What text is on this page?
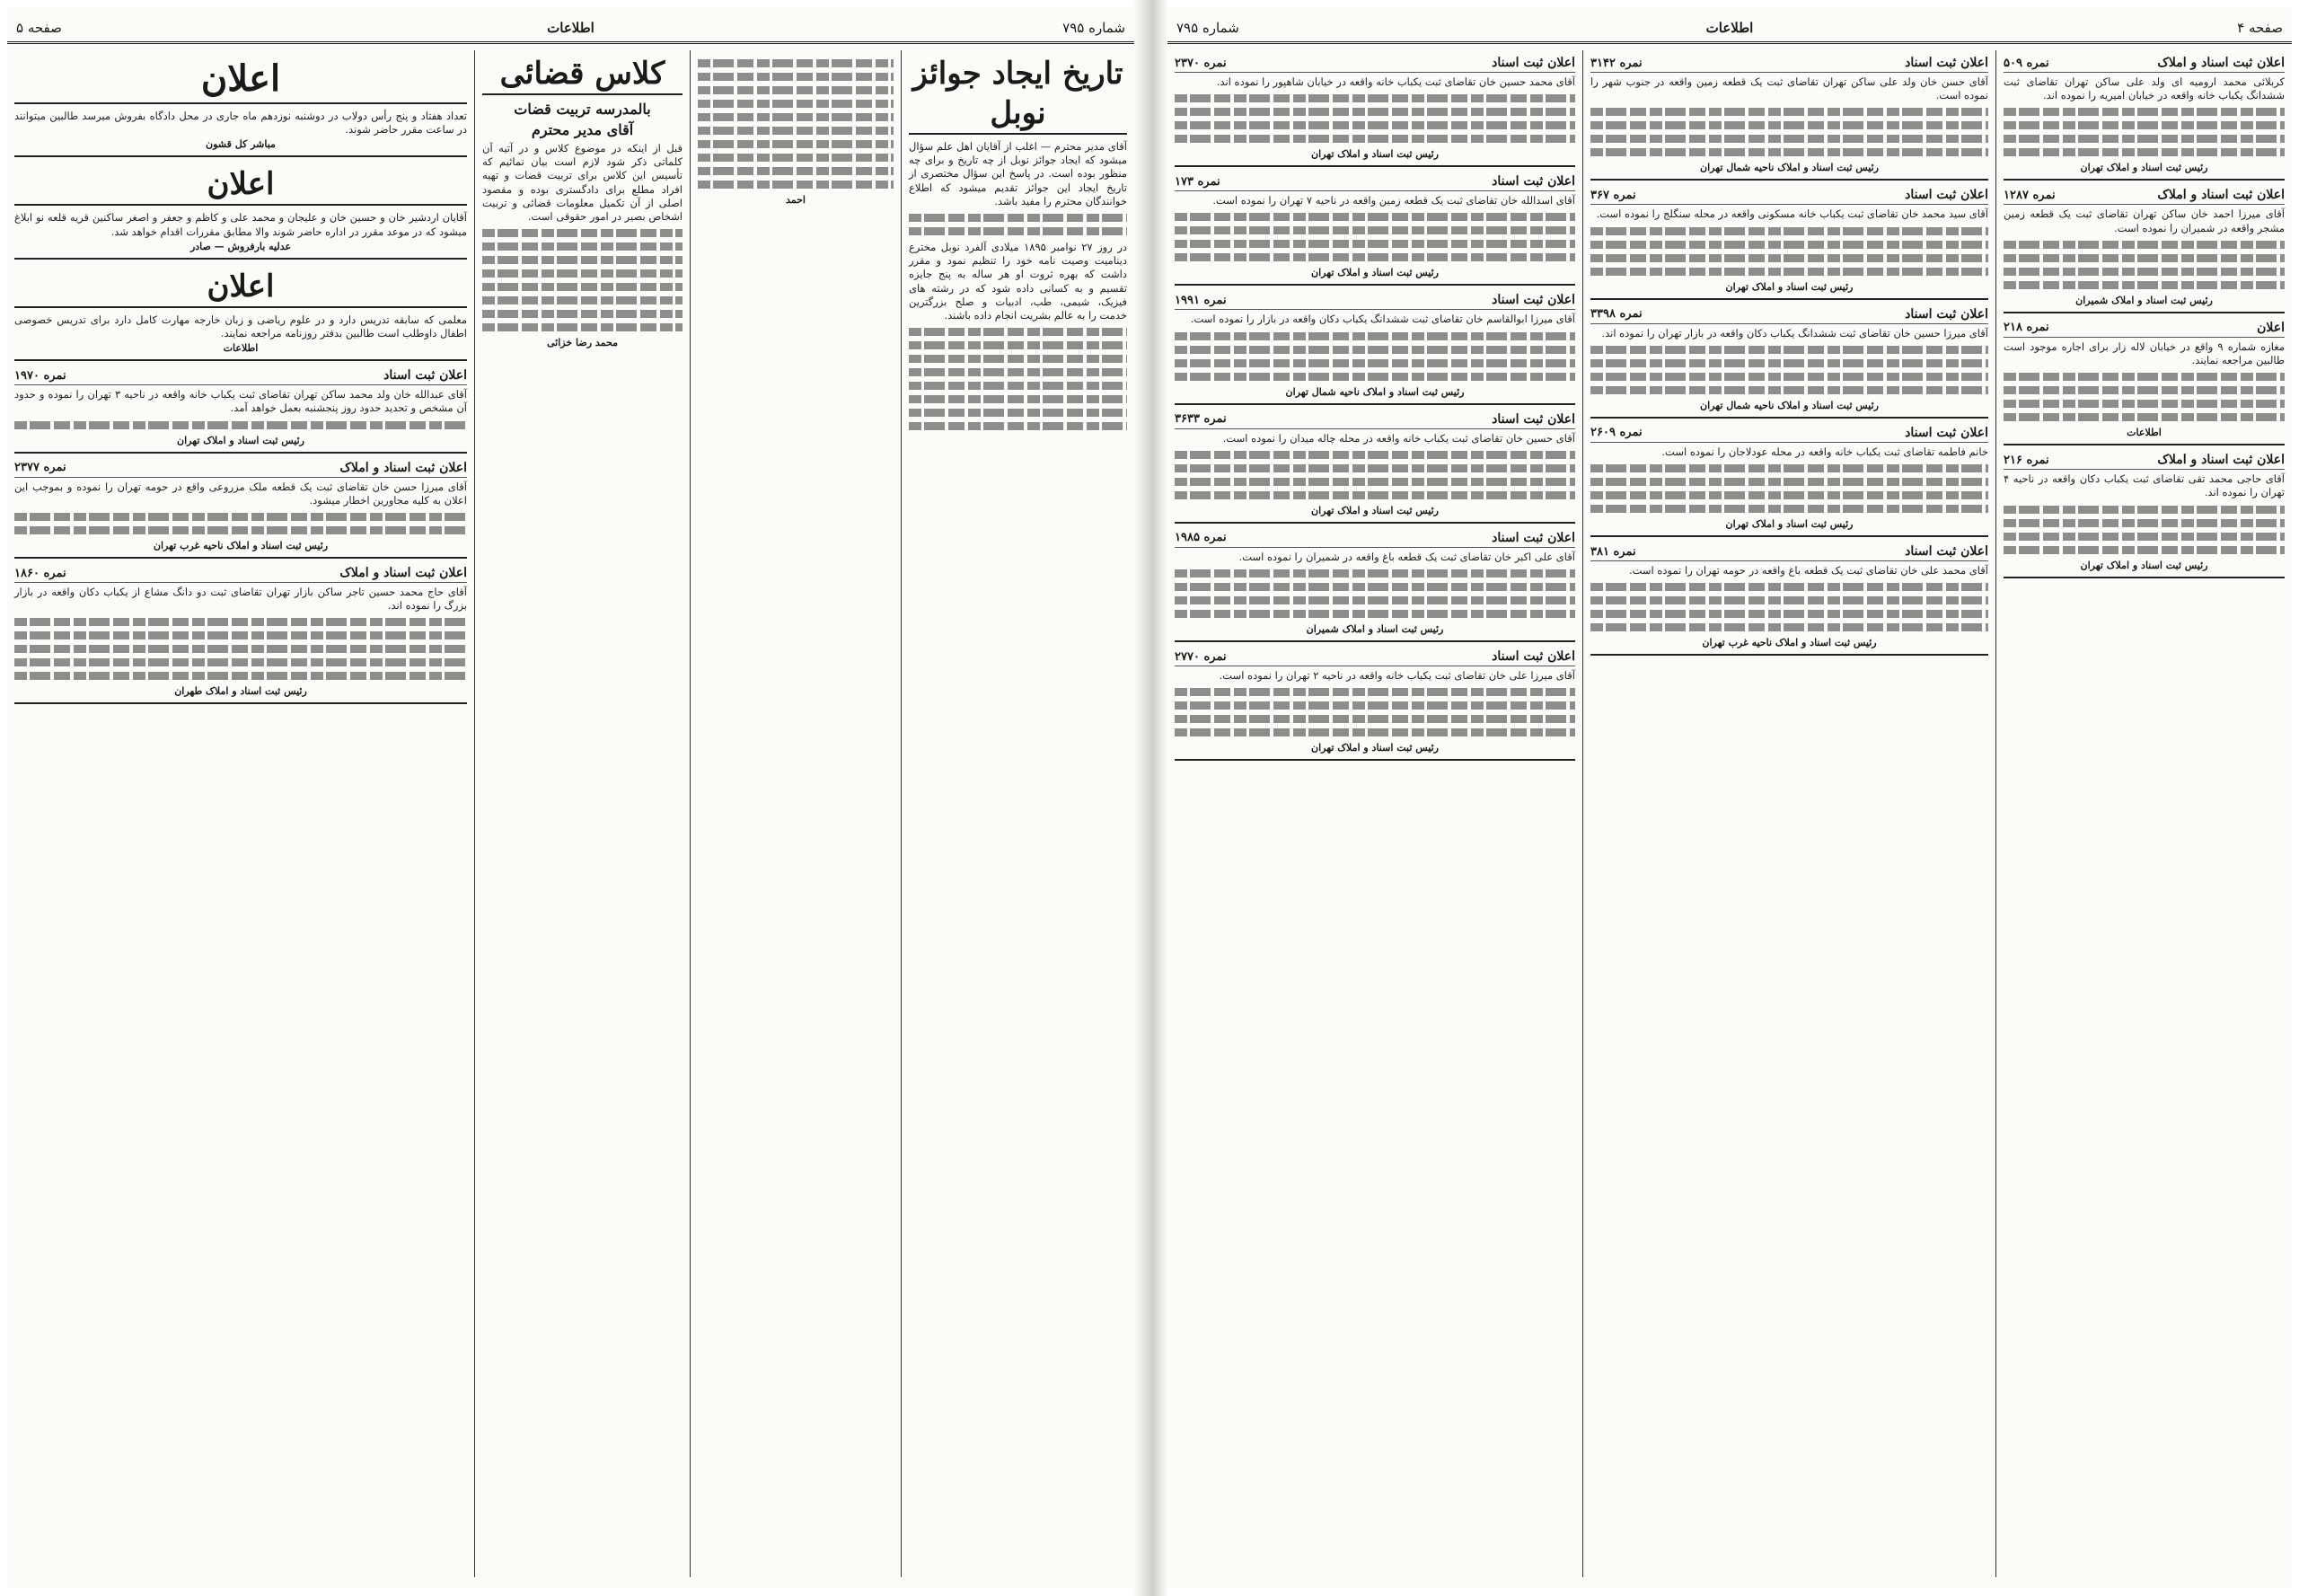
شماره ۷۹۵
اطلاعات
صفحه ۵
تاریخ ایجاد جوائز نوبل
آقای مدیر محترم — اغلب از آقایان اهل علم سؤال میشود که ایجاد جوائز نوبل از چه تاریخ و برای چه منظور بوده است. در پاسخ این سؤال مختصری از تاریخ ایجاد این جوائز تقدیم میشود که اطلاع خوانندگان محترم را مفید باشد.
در روز ۲۷ نوامبر ۱۸۹۵ میلادی آلفرد نوبل مخترع دینامیت وصیت نامه خود را تنظیم نمود و مقرر داشت که بهره ثروت او هر ساله به پنج جایزه تقسیم و به کسانی داده شود که در رشته های فیزیک، شیمی، طب، ادبیات و صلح بزرگترین خدمت را به عالم بشریت انجام داده باشند.
احمد
کلاس قضائی
بالمدرسه تربیت قضات
آقای مدیر محترم
قبل از اینکه در موضوع کلاس و در آتیه آن کلماتی ذکر شود لازم است بیان نمائیم که تأسیس این کلاس برای تربیت قضات و تهیه افراد مطلع برای دادگستری بوده و مقصود اصلی از آن تکمیل معلومات قضائی و تربیت اشخاص بصیر در امور حقوقی است.
محمد رضا خزائی
اعلان
تعداد هفتاد و پنج رأس دولاب در دوشنبه نوزدهم ماه جاری در محل دادگاه بفروش میرسد طالبین میتوانند در ساعت مقرر حاضر شوند.
مباشر کل قشون
اعلان
آقایان اردشیر خان و حسین خان و علیجان و محمد علی و کاظم و جعفر و اصغر ساکنین قریه قلعه نو ابلاغ میشود که در موعد مقرر در اداره حاضر شوند والا مطابق مقررات اقدام خواهد شد.
عدلیه بارفروش — صادر
اعلان
معلمی که سابقه تدریس دارد و در علوم ریاضی و زبان خارجه مهارت کامل دارد برای تدریس خصوصی اطفال داوطلب است طالبین بدفتر روزنامه مراجعه نمایند.
اطلاعات
اعلان ثبت اسناد
نمره ۱۹۷۰
آقای عبدالله خان ولد محمد ساکن تهران تقاضای ثبت یکباب خانه واقعه در ناحیه ۳ تهران را نموده و حدود آن مشخص و تحدید حدود روز پنجشنبه بعمل خواهد آمد.
رئیس ثبت اسناد و املاک تهران
اعلان ثبت اسناد و املاک
نمره ۲۳۷۷
آقای میرزا حسن خان تقاضای ثبت یک قطعه ملک مزروعی واقع در حومه تهران را نموده و بموجب این اعلان به کلیه مجاورین اخطار میشود.
رئیس ثبت اسناد و املاک ناحیه غرب تهران
اعلان ثبت اسناد و املاک
نمره ۱۸۶۰
آقای حاج محمد حسین تاجر ساکن بازار تهران تقاضای ثبت دو دانگ مشاع از یکباب دکان واقعه در بازار بزرگ را نموده اند.
رئیس ثبت اسناد و املاک طهران
صفحه ۴
اطلاعات
شماره ۷۹۵
اعلان ثبت اسناد و املاک
نمره ۵۰۹
کربلائی محمد ارومیه ای ولد علی ساکن تهران تقاضای ثبت ششدانگ یکباب خانه واقعه در خیابان امیریه را نموده اند.
رئیس ثبت اسناد و املاک تهران
اعلان ثبت اسناد و املاک
نمره ۱۲۸۷
آقای میرزا احمد خان ساکن تهران تقاضای ثبت یک قطعه زمین مشجر واقعه در شمیران را نموده است.
رئیس ثبت اسناد و املاک شمیران
اعلان
نمره ۲۱۸
مغازه شماره ۹ واقع در خیابان لاله زار برای اجاره موجود است طالبین مراجعه نمایند.
اطلاعات
اعلان ثبت اسناد و املاک
نمره ۲۱۶
آقای حاجی محمد تقی تقاضای ثبت یکباب دکان واقعه در ناحیه ۴ تهران را نموده اند.
رئیس ثبت اسناد و املاک تهران
اعلان ثبت اسناد
نمره ۳۱۴۲
آقای حسن خان ولد علی ساکن تهران تقاضای ثبت یک قطعه زمین واقعه در جنوب شهر را نموده است.
رئیس ثبت اسناد و املاک ناحیه شمال تهران
اعلان ثبت اسناد
نمره ۳۶۷
آقای سید محمد خان تقاضای ثبت یکباب خانه مسکونی واقعه در محله سنگلج را نموده است.
رئیس ثبت اسناد و املاک تهران
اعلان ثبت اسناد
نمره ۳۳۹۸
آقای میرزا حسین خان تقاضای ثبت ششدانگ یکباب دکان واقعه در بازار تهران را نموده اند.
رئیس ثبت اسناد و املاک ناحیه شمال تهران
اعلان ثبت اسناد
نمره ۲۶۰۹
خانم فاطمه تقاضای ثبت یکباب خانه واقعه در محله عودلاجان را نموده است.
رئیس ثبت اسناد و املاک تهران
اعلان ثبت اسناد
نمره ۳۸۱
آقای محمد علی خان تقاضای ثبت یک قطعه باغ واقعه در حومه تهران را نموده است.
رئیس ثبت اسناد و املاک ناحیه غرب تهران
اعلان ثبت اسناد
نمره ۲۳۷۰
آقای محمد حسین خان تقاضای ثبت یکباب خانه واقعه در خیابان شاهپور را نموده اند.
رئیس ثبت اسناد و املاک تهران
اعلان ثبت اسناد
نمره ۱۷۳
آقای اسدالله خان تقاضای ثبت یک قطعه زمین واقعه در ناحیه ۷ تهران را نموده است.
رئیس ثبت اسناد و املاک تهران
اعلان ثبت اسناد
نمره ۱۹۹۱
آقای میرزا ابوالقاسم خان تقاضای ثبت ششدانگ یکباب دکان واقعه در بازار را نموده است.
رئیس ثبت اسناد و املاک ناحیه شمال تهران
اعلان ثبت اسناد
نمره ۳۶۳۳
آقای حسین خان تقاضای ثبت یکباب خانه واقعه در محله چاله میدان را نموده است.
رئیس ثبت اسناد و املاک تهران
اعلان ثبت اسناد
نمره ۱۹۸۵
آقای علی اکبر خان تقاضای ثبت یک قطعه باغ واقعه در شمیران را نموده است.
رئیس ثبت اسناد و املاک شمیران
اعلان ثبت اسناد
نمره ۲۷۷۰
آقای میرزا علی خان تقاضای ثبت یکباب خانه واقعه در ناحیه ۲ تهران را نموده است.
رئیس ثبت اسناد و املاک تهران
